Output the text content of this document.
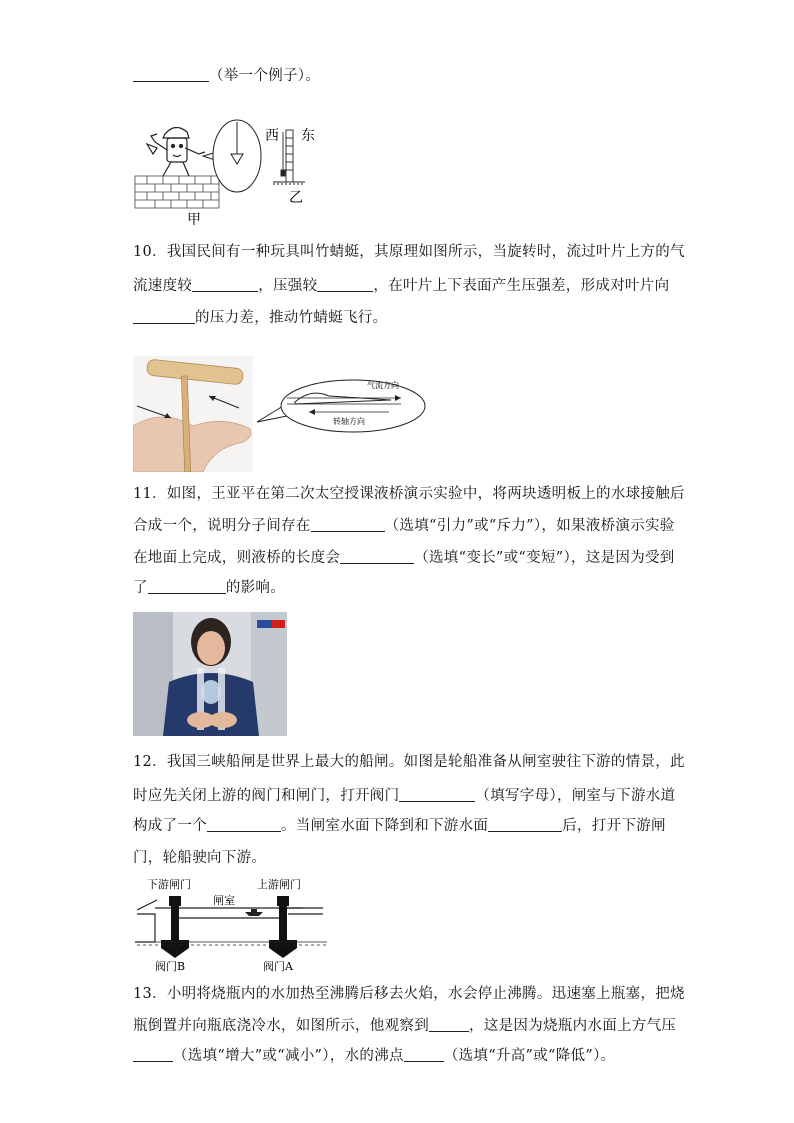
（举一个例子）。
西 东
乙
甲
10．我国民间有一种玩具叫竹蜻蜓，其原理如图所示，当旋转时，流过叶片上方的气
流速度较	，压强较	，在叶片上下表面产生压强差，形成对叶片向
的压力差，推动竹蜻蜓飞行。
气流方向
转轴方向
11．如图，王亚平在第二次太空授课液桥演示实验中，将两块透明板上的水球接触后
合成一个，说明分子间存在	（选填“引力”或“斥力”），如果液桥演示实验
在地面上完成，则液桥的长度会	（选填“变长”或“变短”），这是因为受到
了	的影响。
12．我国三峡船闸是世界上最大的船闸。如图是轮船准备从闸室驶往下游的情景，此
时应先关闭上游的阀门和闸门，打开阀门	（填写字母），闸室与下游水道
构成了一个	。当闸室水面下降到和下游水面	后，打开下游闸
门，轮船驶向下游。
下游闸门	上游闸门
闸室
阀门B	阀门A
13．小明将烧瓶内的水加热至沸腾后移去火焰，水会停止沸腾。迅速塞上瓶塞，把烧
瓶倒置并向瓶底浇冷水，如图所示，他观察到	，这是因为烧瓶内水面上方气压
（选填“增大”或“减小”），水的沸点	（选填“升高”或“降低”）。
